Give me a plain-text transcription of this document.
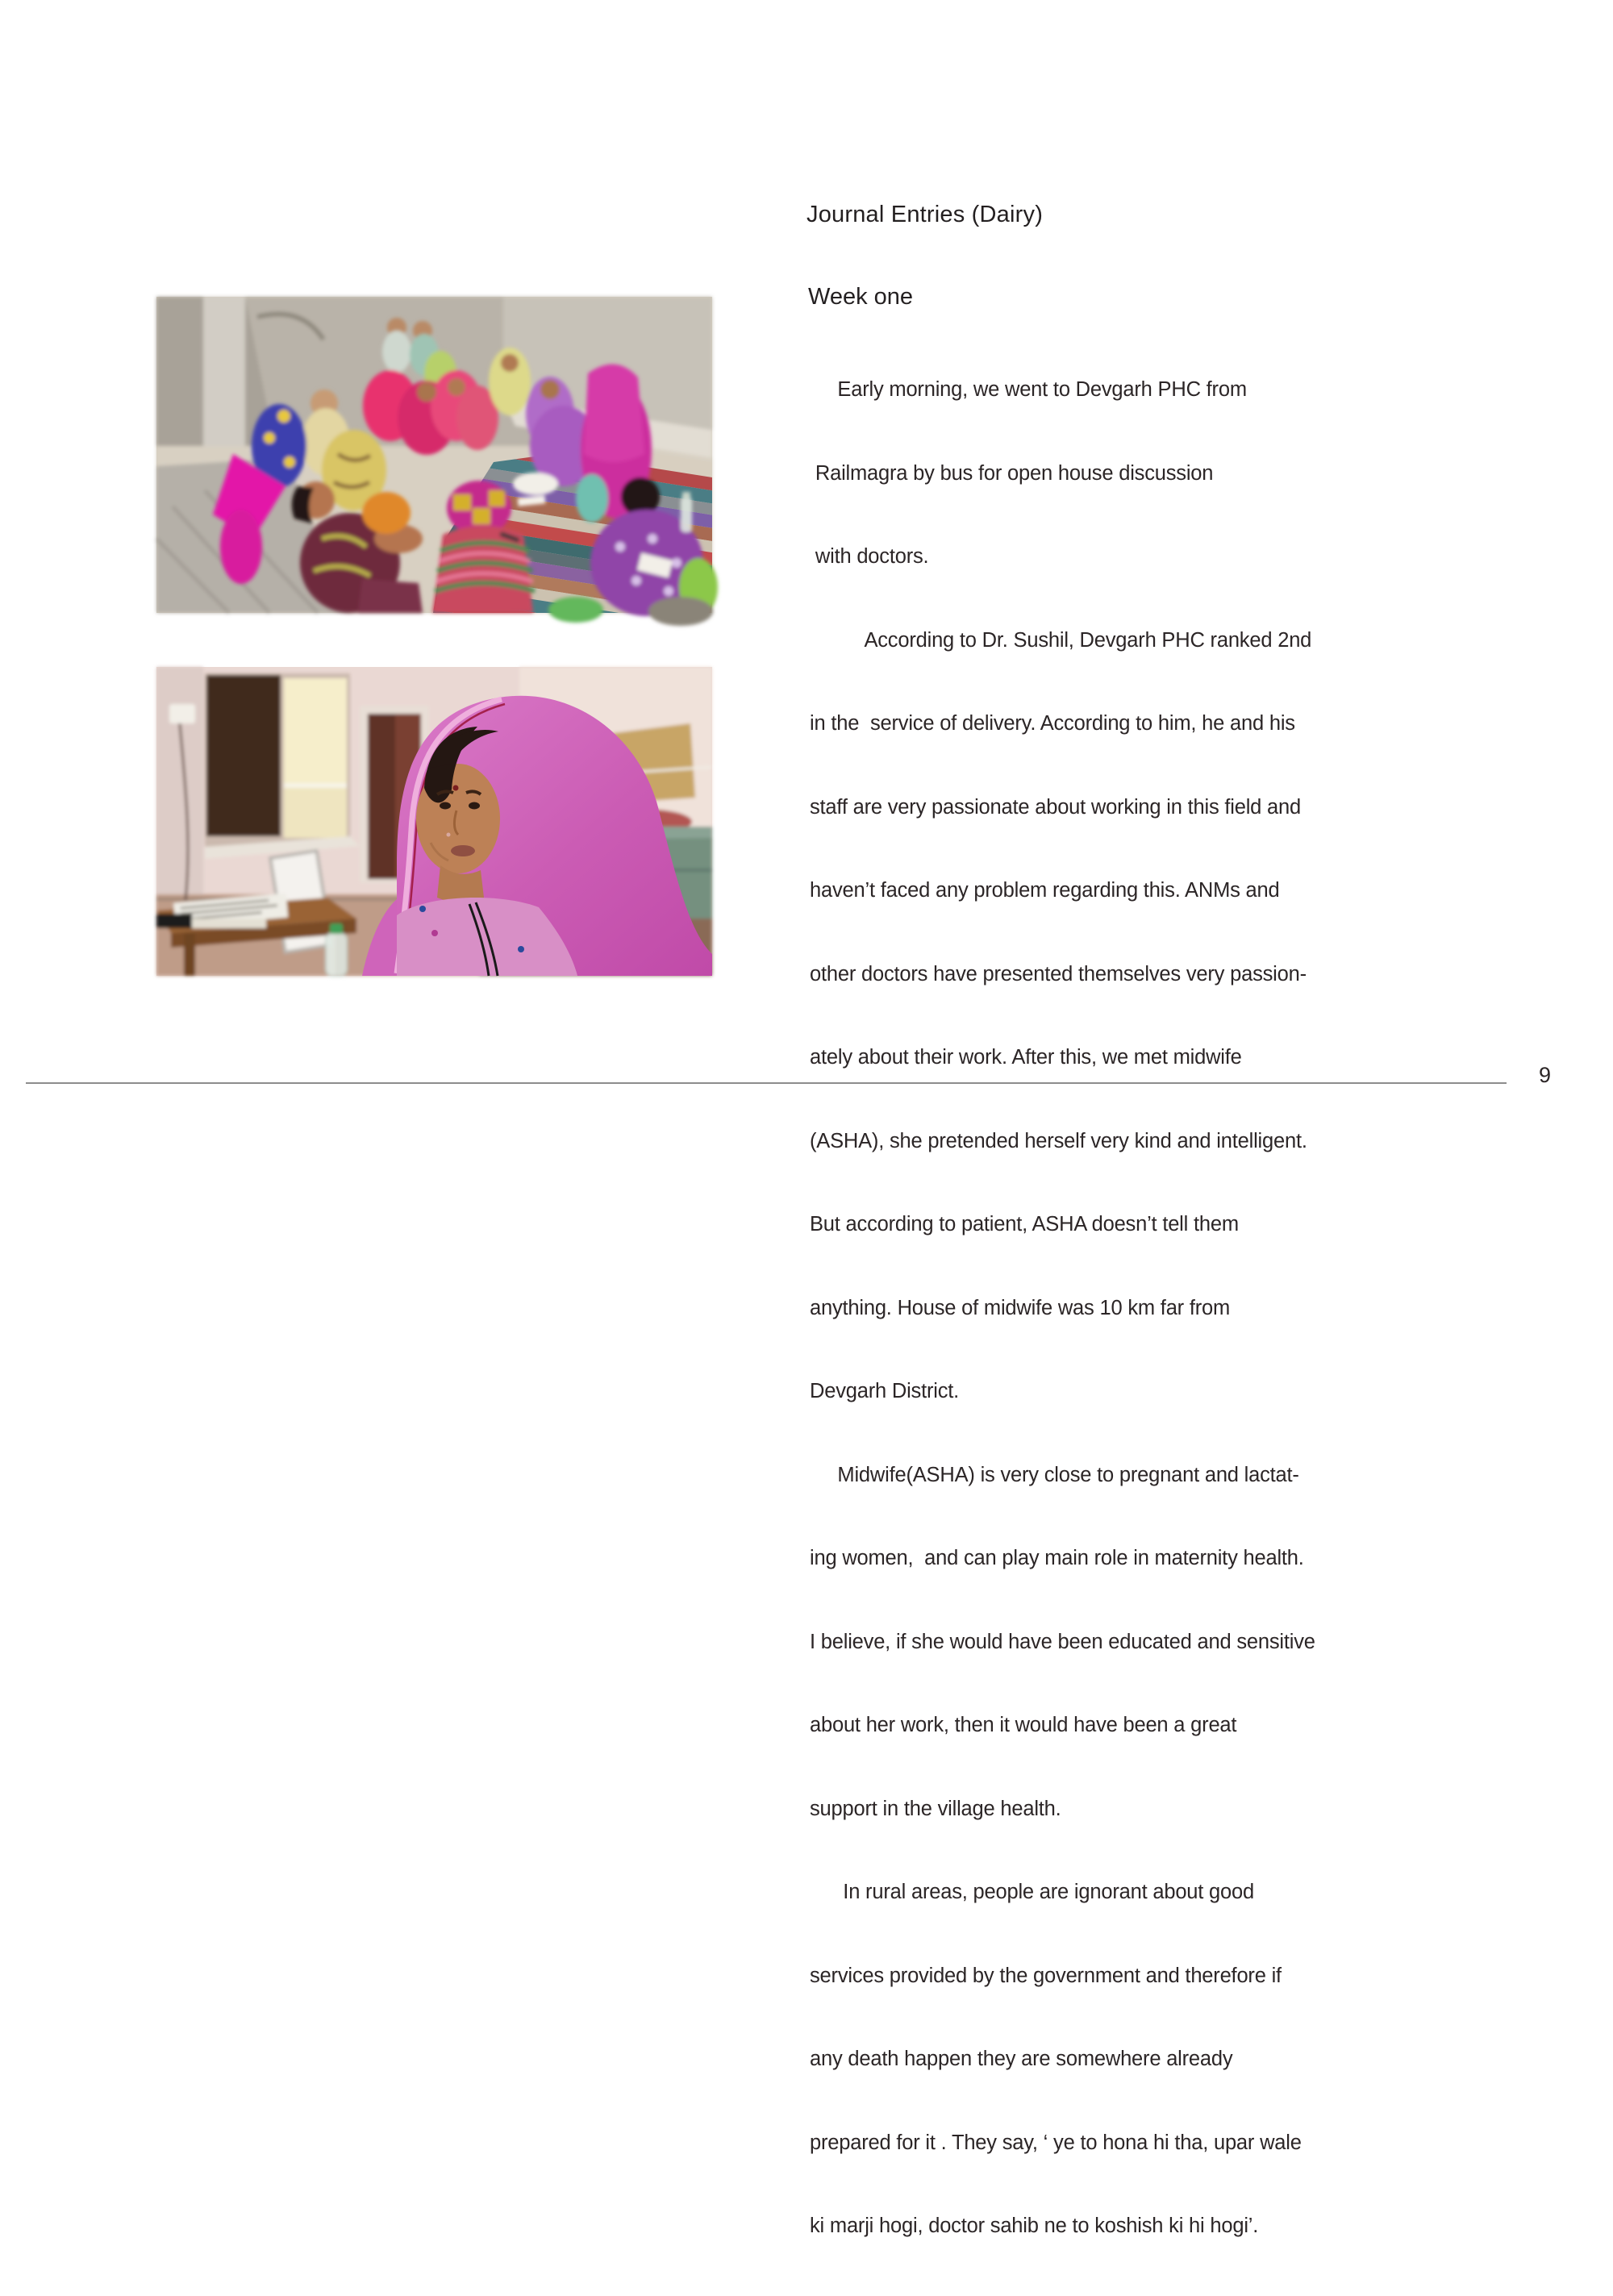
Journal Entries (Dairy)
Week one

Early morning, we went to Devgarh PHC from

Railmagra by bus for open house discussion

with doctors.

According to Dr. Sushil, Devgarh PHC ranked 2nd

in the  service of delivery. According to him, he and his

staff are very passionate about working in this field and

haven’t faced any problem regarding this. ANMs and

other doctors have presented themselves very passion-

ately about their work. After this, we met midwife

(ASHA), she pretended herself very kind and intelligent.

But according to patient, ASHA doesn’t tell them

anything. House of midwife was 10 km far from

Devgarh District.

Midwife(ASHA) is very close to pregnant and lactat-

ing women,  and can play main role in maternity health.

I believe, if she would have been educated and sensitive

about her work, then it would have been a great

support in the village health.

In rural areas, people are ignorant about good

services provided by the government and therefore if

any death happen they are somewhere already

prepared for it . They say, ‘ ye to hona hi tha, upar wale

ki marji hogi, doctor sahib ne to koshish ki hi hogi’.

9
